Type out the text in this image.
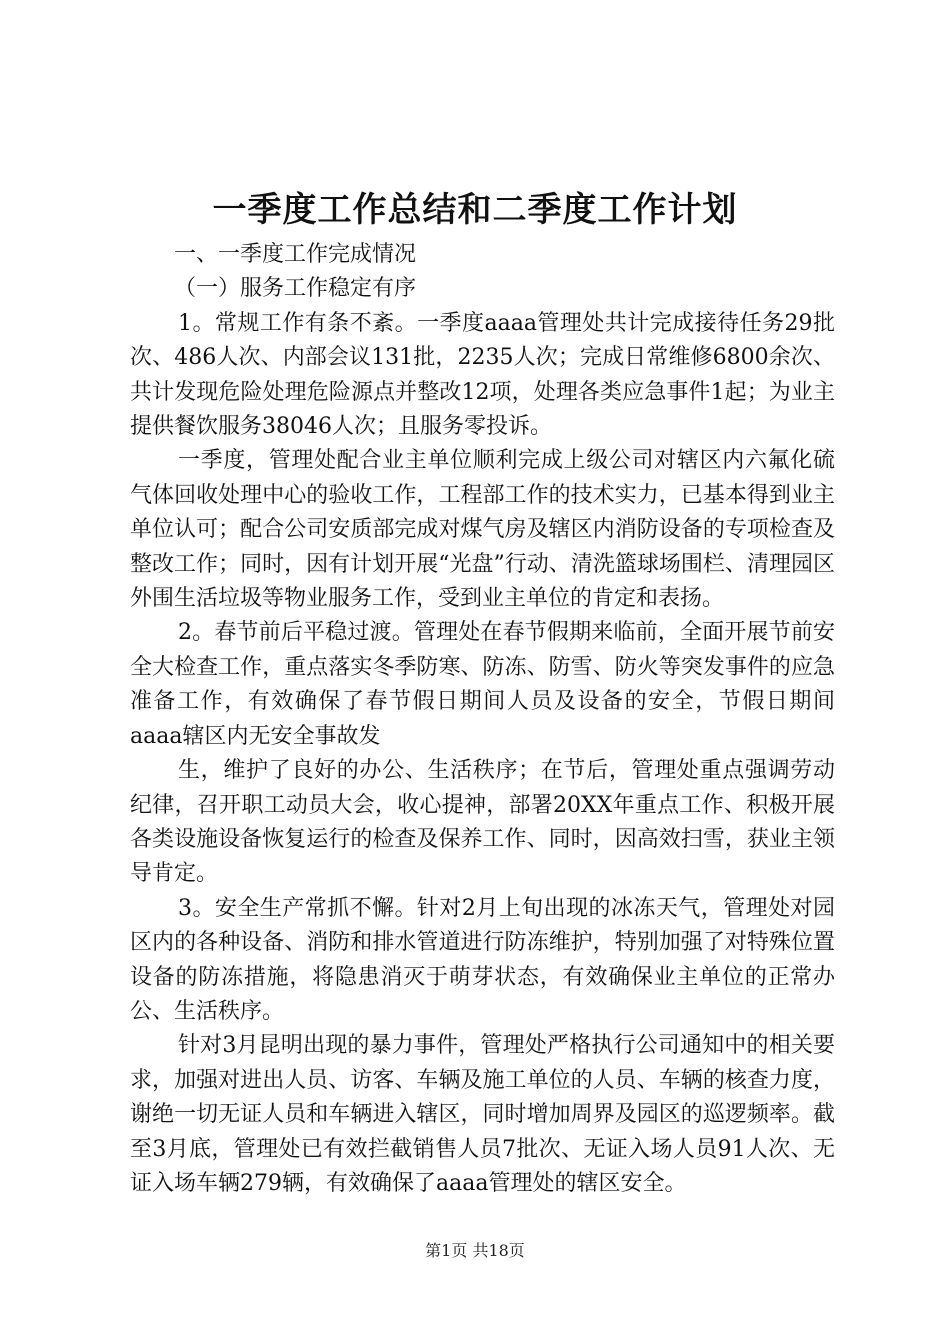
一季度工作总结和二季度工作计划

一、一季度工作完成情况

（一）服务工作稳定有序

1。常规工作有条不紊。一季度aaaa管理处共计完成接待任务29批次、486人次、内部会议131批，2235人次；完成日常维修6800余次、共计发现危险处理危险源点并整改12项，处理各类应急事件1起；为业主提供餐饮服务38046人次；且服务零投诉。

一季度，管理处配合业主单位顺利完成上级公司对辖区内六氟化硫气体回收处理中心的验收工作，工程部工作的技术实力，已基本得到业主单位认可；配合公司安质部完成对煤气房及辖区内消防设备的专项检查及整改工作；同时，因有计划开展“光盘”行动、清洗篮球场围栏、清理园区外围生活垃圾等物业服务工作，受到业主单位的肯定和表扬。

2。春节前后平稳过渡。管理处在春节假期来临前，全面开展节前安全大检查工作，重点落实冬季防寒、防冻、防雪、防火等突发事件的应急准备工作，有效确保了春节假日期间人员及设备的安全，节假日期间aaaa辖区内无安全事故发

生，维护了良好的办公、生活秩序；在节后，管理处重点强调劳动纪律，召开职工动员大会，收心提神，部署20XX年重点工作、积极开展各类设施设备恢复运行的检查及保养工作、同时，因高效扫雪，获业主领导肯定。

3。安全生产常抓不懈。针对2月上旬出现的冰冻天气，管理处对园区内的各种设备、消防和排水管道进行防冻维护，特别加强了对特殊位置设备的防冻措施，将隐患消灭于萌芽状态，有效确保业主单位的正常办公、生活秩序。

针对3月昆明出现的暴力事件，管理处严格执行公司通知中的相关要求，加强对进出人员、访客、车辆及施工单位的人员、车辆的核查力度，谢绝一切无证人员和车辆进入辖区，同时增加周界及园区的巡逻频率。截至3月底，管理处已有效拦截销售人员7批次、无证入场人员91人次、无证入场车辆279辆，有效确保了aaaa管理处的辖区安全。

第1页 共18页
